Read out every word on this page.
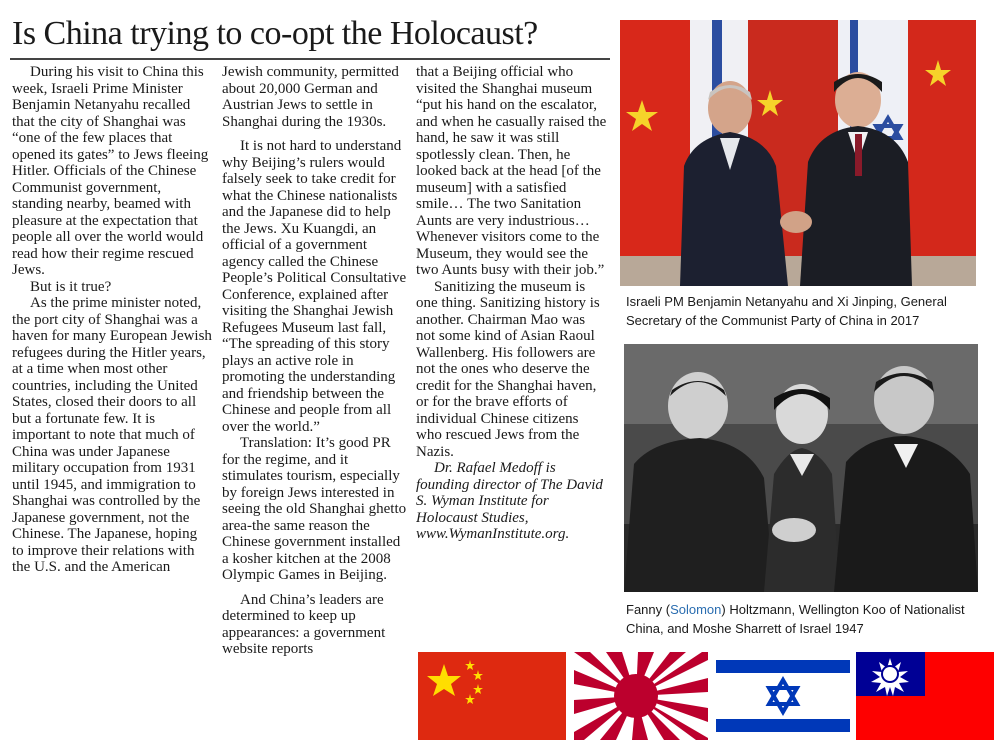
Is China trying to co-opt the Holocaust?

During his visit to China this week, Israeli Prime Minister Benjamin Netanyahu recalled that the city of Shanghai was “one of the few places that opened its gates” to Jews fleeing Hitler. Officials of the Chinese Communist government, standing nearby, beamed with pleasure at the expectation that people all over the world would read how their regime rescued Jews.

But is it true?

As the prime minister noted, the port city of Shanghai was a haven for many European Jewish refugees during the Hitler years, at a time when most other countries, including the United States, closed their doors to all but a fortunate few. It is important to note that much of China was under Japanese military occupation from 1931 until 1945, and immigration to Shanghai was controlled by the Japanese government, not the Chinese. The Japanese, hoping to improve their relations with the U.S. and the American

Jewish community, permitted about 20,000 German and Austrian Jews to settle in Shanghai during the 1930s.

It is not hard to understand why Beijing’s rulers would falsely seek to take credit for what the Chinese nationalists and the Japanese did to help the Jews. Xu Kuangdi, an official of a government agency called the Chinese People’s Political Consultative Conference, explained after visiting the Shanghai Jewish Refugees Museum last fall, “The spreading of this story plays an active role in promoting the understanding and friendship between the Chinese and people from all over the world.”

Translation: It’s good PR for the regime, and it stimulates tourism, especially by foreign Jews interested in seeing the old Shanghai ghetto area-the same reason the Chinese government installed a kosher kitchen at the 2008 Olympic Games in Beijing.

And China’s leaders are determined to keep up appearances: a government website reports

that a Beijing official who visited the Shanghai museum “put his hand on the escalator, and when he casually raised the hand, he saw it was still spotlessly clean. Then, he looked back at the head [of the museum] with a satisfied smile… The two Sanitation Aunts are very industrious… Whenever visitors come to the Museum, they would see the two Aunts busy with their job.”

Sanitizing the museum is one thing. Sanitizing history is another. Chairman Mao was not some kind of Asian Raoul Wallenberg. His followers are not the ones who deserve the credit for the Shanghai haven, or for the brave efforts of individual Chinese citizens who rescued Jews from the Nazis.

Dr. Rafael Medoff is founding director of The David S. Wyman Institute for Holocaust Studies, www.WymanInstitute.org.

Israeli PM Benjamin Netanyahu and Xi Jinping, General Secretary of the Communist Party of China in 2017
Fanny (Solomon) Holtzmann, Wellington Koo of Nationalist China, and Moshe Sharrett of Israel 1947
